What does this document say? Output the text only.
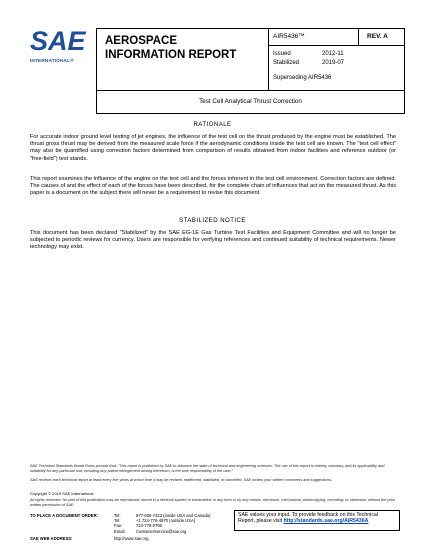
SAE
INTERNATIONAL®
AEROSPACE
INFORMATION REPORT
AIR5436™	REV. A
Issued	2012-11
Stabilized	2019-07
Superseding AIR5436
Test Cell Analytical Thrust Correction
RATIONALE
For accurate indoor ground level testing of jet engines, the influence of the test cell on the thrust produced by the engine must be established. The thrust gross thrust may be derived from the measured scale force if the aerodynamic conditions inside the test cell are known. The "test cell effect" may also be quantified using correction factors determined from comparison of results obtained from indoor facilities and reference outdoor (or "free-field") test stands.
This report examines the influence of the engine on the test cell and the forces inherent in the test cell environment. Correction factors are defined. The causes of and the effect of each of the forces have been described, for the complete chain of influences that act on the measured thrust. As this paper is a document on the subject there will never be a requirement to revise this document.
STABILIZED NOTICE
This document has been declared "Stabilized" by the SAE EG-1E Gas Turbine Test Facilities and Equipment Committee and will no longer be subjected to periodic reviews for currency. Users are responsible for verifying references and continued suitability of technical requirements. Newer technology may exist.
SAE Technical Standards Board Rules provide that: "This report is published by SAE to advance the state of technical and engineering sciences. The use of this report is entirely voluntary, and its applicability and suitability for any particular use, including any patent infringement arising therefrom, is the sole responsibility of the user."
SAE reviews each technical report at least every five years at which time it may be revised, reaffirmed, stabilized, or cancelled. SAE invites your written comments and suggestions.
Copyright © 2019 SAE International
All rights reserved. No part of this publication may be reproduced, stored in a retrieval system or transmitted, in any form or by any means, electronic, mechanical, photocopying, recording, or otherwise, without the prior written permission of SAE.
TO PLACE A DOCUMENT ORDER:	Tel:	877-606-7323 (inside USA and Canada)
Tel:	+1 724-776-4970 (outside USA)
Fax:	724-776-0790
Email:	CustomerService@sae.org
SAE WEB ADDRESS:	http://www.sae.org
SAE values your input. To provide feedback on this Technical Report, please visit http://standards.sae.org/AIR5436A
